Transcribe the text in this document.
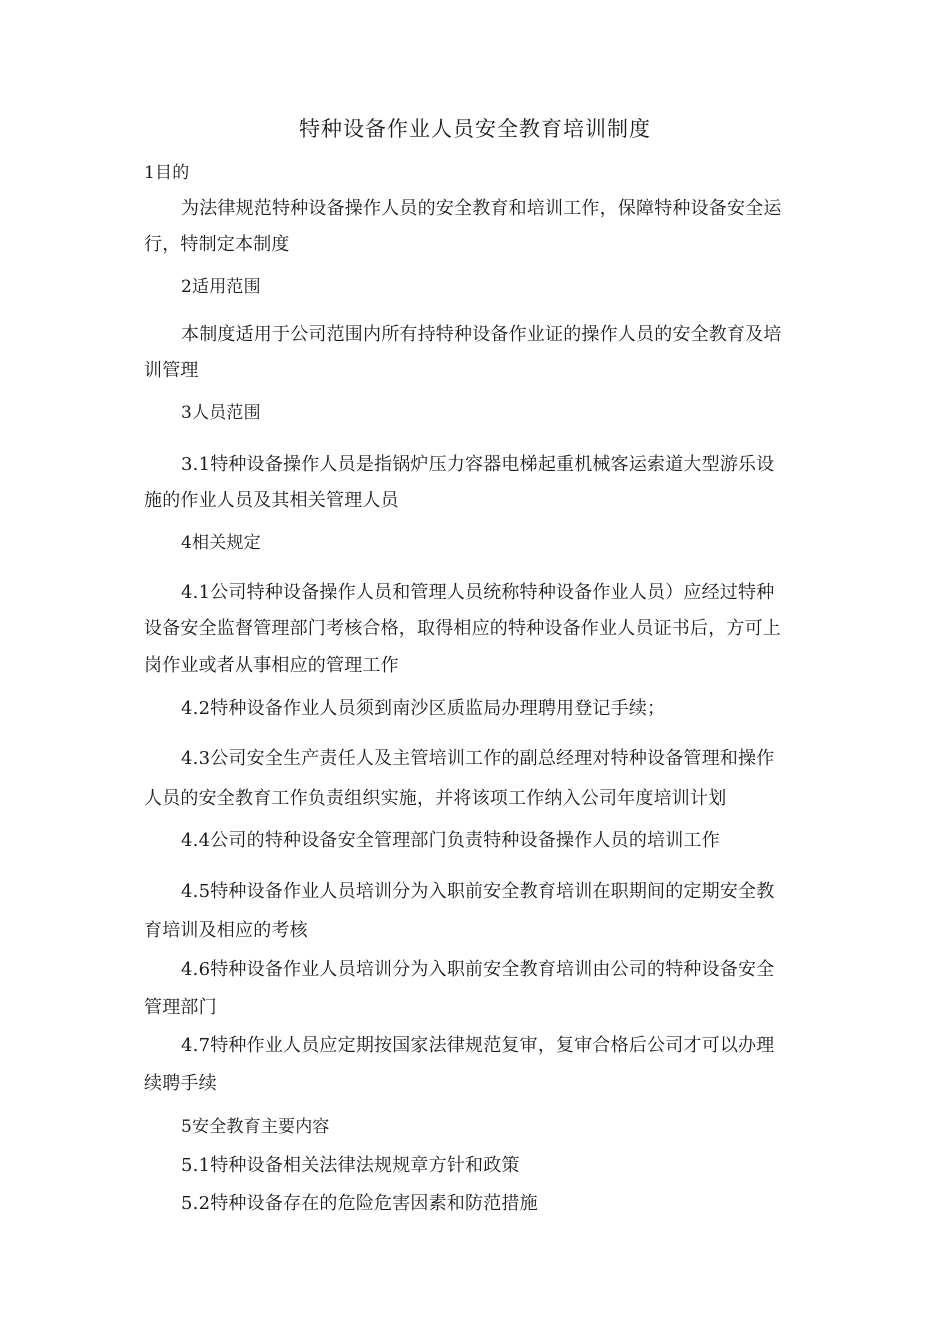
特种设备作业人员安全教育培训制度
1目的
为法律规范特种设备操作人员的安全教育和培训工作，保障特种设备安全运
行，特制定本制度
2适用范围
本制度适用于公司范围内所有持特种设备作业证的操作人员的安全教育及培
训管理
3人员范围
3.1特种设备操作人员是指锅炉压力容器电梯起重机械客运索道大型游乐设
施的作业人员及其相关管理人员
4相关规定
4.1公司特种设备操作人员和管理人员统称特种设备作业人员）应经过特种
设备安全监督管理部门考核合格，取得相应的特种设备作业人员证书后，方可上
岗作业或者从事相应的管理工作
4.2特种设备作业人员须到南沙区质监局办理聘用登记手续；
4.3公司安全生产责任人及主管培训工作的副总经理对特种设备管理和操作
人员的安全教育工作负责组织实施，并将该项工作纳入公司年度培训计划
4.4公司的特种设备安全管理部门负责特种设备操作人员的培训工作
4.5特种设备作业人员培训分为入职前安全教育培训在职期间的定期安全教
育培训及相应的考核
4.6特种设备作业人员培训分为入职前安全教育培训由公司的特种设备安全
管理部门
4.7特种作业人员应定期按国家法律规范复审，复审合格后公司才可以办理
续聘手续
5安全教育主要内容
5.1特种设备相关法律法规规章方针和政策
5.2特种设备存在的危险危害因素和防范措施
